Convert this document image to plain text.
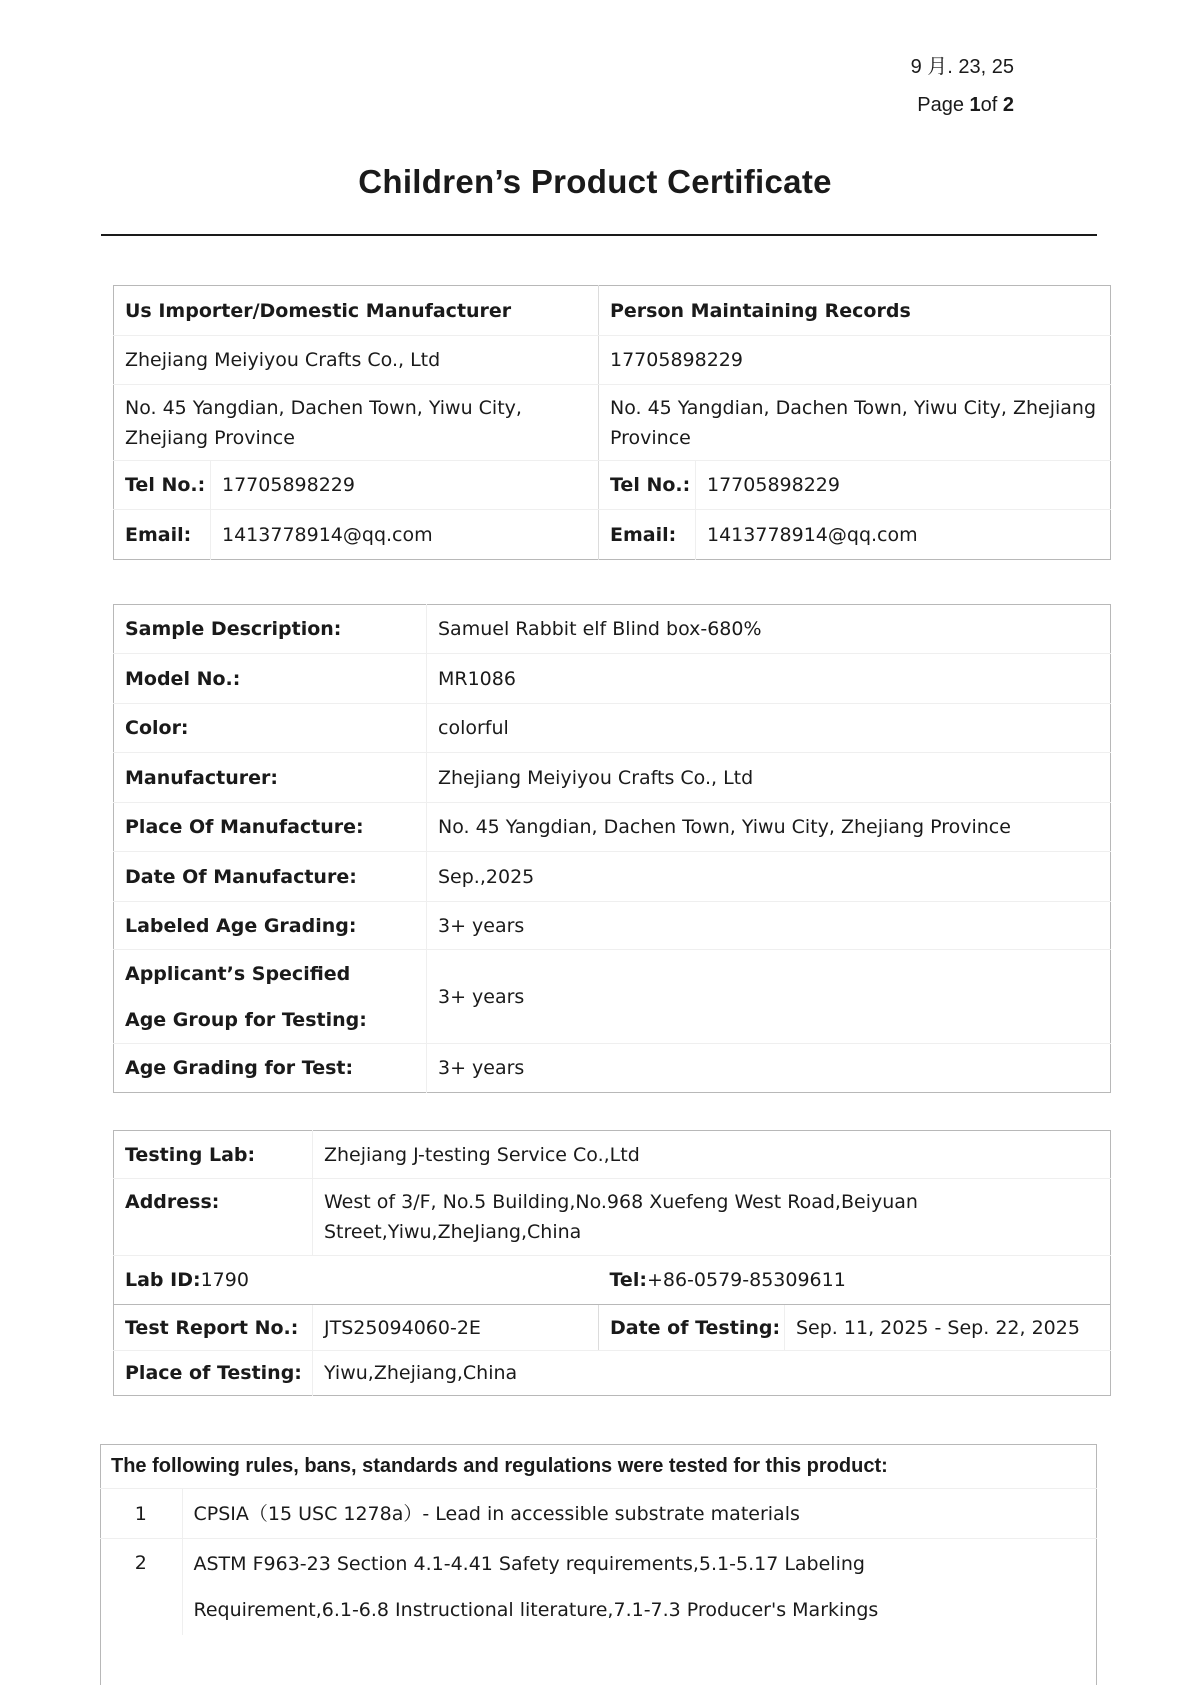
9 月. 23, 25
Page 1of 2
Children’s Product Certificate
Us Importer/Domestic Manufacturer		Person Maintaining Records	
Zhejiang Meiyiyou Crafts Co., Ltd		17705898229	
No. 45 Yangdian, Dachen Town, Yiwu City, Zhejiang Province		No. 45 Yangdian, Dachen Town, Yiwu City, Zhejiang Province	
Tel No.:	17705898229	Tel No.:	17705898229
Email:	1413778914@qq.com	Email:	1413778914@qq.com
Sample Description:	Samuel Rabbit elf Blind box-680%
Model No.:	MR1086
Color:	colorful
Manufacturer:	Zhejiang Meiyiyou Crafts Co., Ltd
Place Of Manufacture:	No. 45 Yangdian, Dachen Town, Yiwu City, Zhejiang Province
Date Of Manufacture:	Sep.,2025
Labeled Age Grading:	3+ years
Applicant’s Specified
Age Group for Testing:	3+ years
Age Grading for Test:	3+ years
Testing Lab:	Zhejiang J-testing Service Co.,Ltd		
Address:	West of 3/F, No.5 Building,No.968 Xuefeng West Road,Beiyuan Street,Yiwu,ZheJiang,China		
Lab ID:1790		Tel:+86-0579-85309611	
Test Report No.:	JTS25094060-2E	Date of Testing:	Sep. 11, 2025 - Sep. 22, 2025
Place of Testing:	Yiwu,Zhejiang,China		
The following rules, bans, standards and regulations were tested for this product:
1	CPSIA（15 USC 1278a）- Lead in accessible substrate materials
2	ASTM F963-23 Section 4.1-4.41 Safety requirements,5.1-5.17 Labeling Requirement,6.1-6.8 Instructional literature,7.1-7.3 Producer's Markings
